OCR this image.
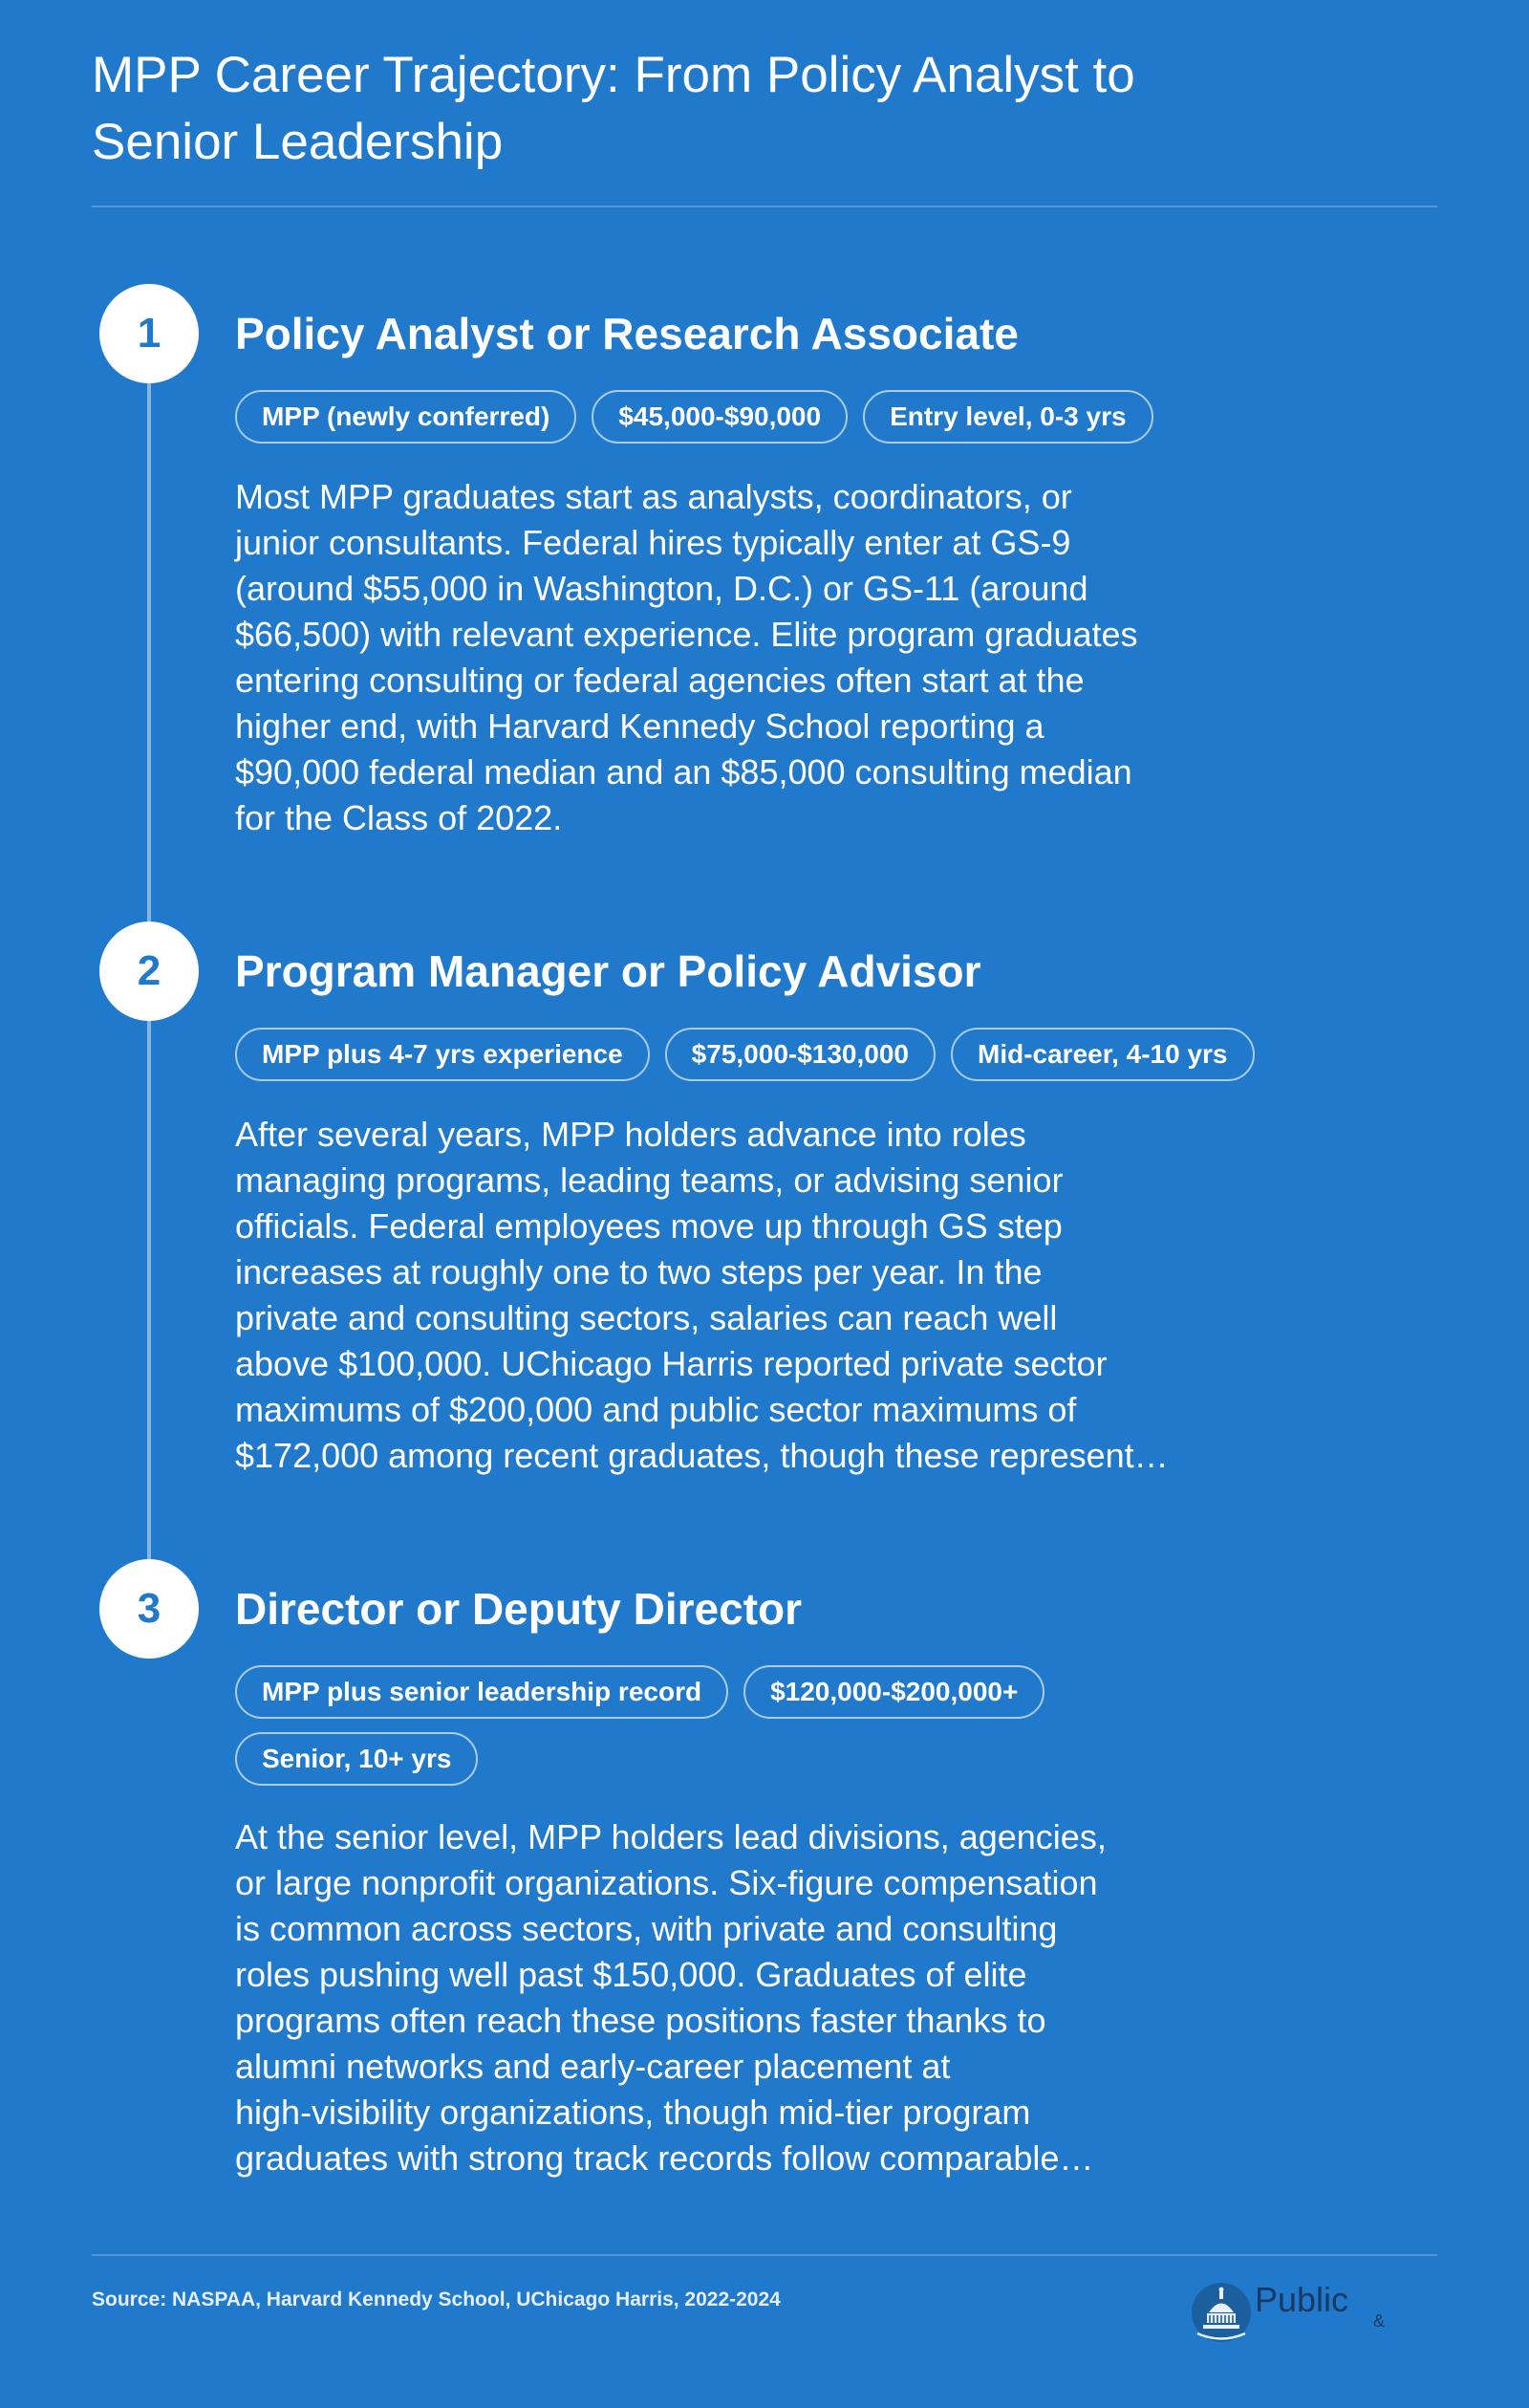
MPP Career Trajectory: From Policy Analyst to
Senior Leadership
1	Policy Analyst or Research Associate
MPP (newly conferred)	$45,000-$90,000	Entry level, 0-3 yrs
Most MPP graduates start as analysts, coordinators, or
junior consultants. Federal hires typically enter at GS-9
(around $55,000 in Washington, D.C.) or GS-11 (around
$66,500) with relevant experience. Elite program graduates
entering consulting or federal agencies often start at the
higher end, with Harvard Kennedy School reporting a
$90,000 federal median and an $85,000 consulting median
for the Class of 2022.
2	Program Manager or Policy Advisor
MPP plus 4-7 yrs experience	$75,000-$130,000	Mid-career, 4-10 yrs
After several years, MPP holders advance into roles
managing programs, leading teams, or advising senior
officials. Federal employees move up through GS step
increases at roughly one to two steps per year. In the
private and consulting sectors, salaries can reach well
above $100,000. UChicago Harris reported private sector
maximums of $200,000 and public sector maximums of
$172,000 among recent graduates, though these represent…
3	Director or Deputy Director
MPP plus senior leadership record	$120,000-$200,000+
Senior, 10+ yrs
At the senior level, MPP holders lead divisions, agencies,
or large nonprofit organizations. Six-figure compensation
is common across sectors, with private and consulting
roles pushing well past $150,000. Graduates of elite
programs often reach these positions faster thanks to
alumni networks and early-career placement at
high-visibility organizations, though mid-tier program
graduates with strong track records follow comparable…
Source: NASPAA, Harvard Kennedy School, UChicago Harris, 2022-2024	Public
&
